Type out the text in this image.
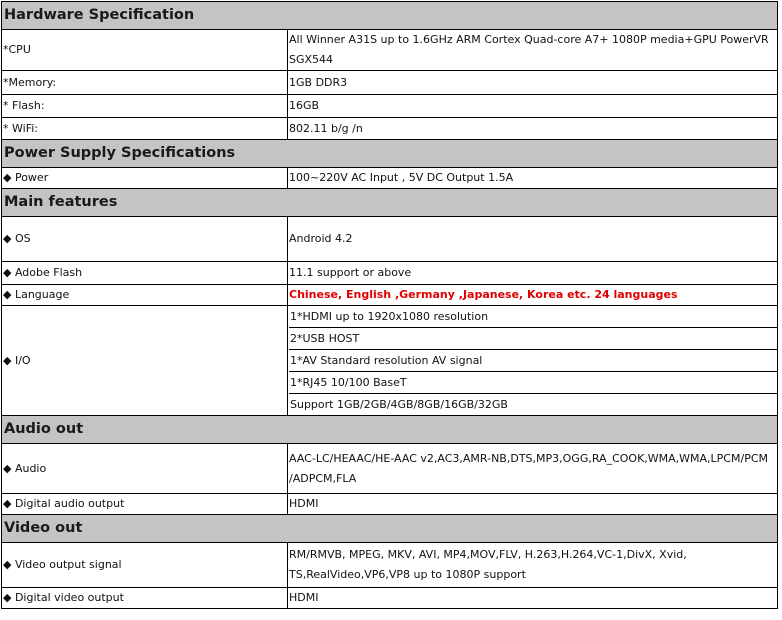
Hardware Specification	
*CPU	All Winner A31S up to 1.6GHz ARM Cortex Quad-core A7+ 1080P media+GPU PowerVR SGX544
*Memory:	1GB DDR3
* Flash:	16GB
* WiFi:	802.11 b/g /n
Power Supply Specifications	
◆ Power	100~220V AC Input , 5V DC Output 1.5A
Main features	
◆ OS	Android 4.2
◆ Adobe Flash	11.1 support or above
◆ Language	Chinese, English ,Germany ,Japanese, Korea etc. 24 languages
◆ I/O	1*HDMI up to 1920x1080 resolution
2*USB HOST
1*AV Standard resolution AV signal
1*RJ45 10/100 BaseT
Support 1GB/2GB/4GB/8GB/16GB/32GB

Audio out	
◆ Audio	AAC-LC/HEAAC/HE-AAC v2,AC3,AMR-NB,DTS,MP3,OGG,RA_COOK,WMA,WMA,LPCM/PCM /ADPCM,FLA
◆ Digital audio output	HDMI
Video out	
◆ Video output signal	RM/RMVB, MPEG, MKV, AVI, MP4,MOV,FLV, H.263,H.264,VC-1,DivX, Xvid, TS,RealVideo,VP6,VP8 up to 1080P support
◆ Digital video output	HDMI
